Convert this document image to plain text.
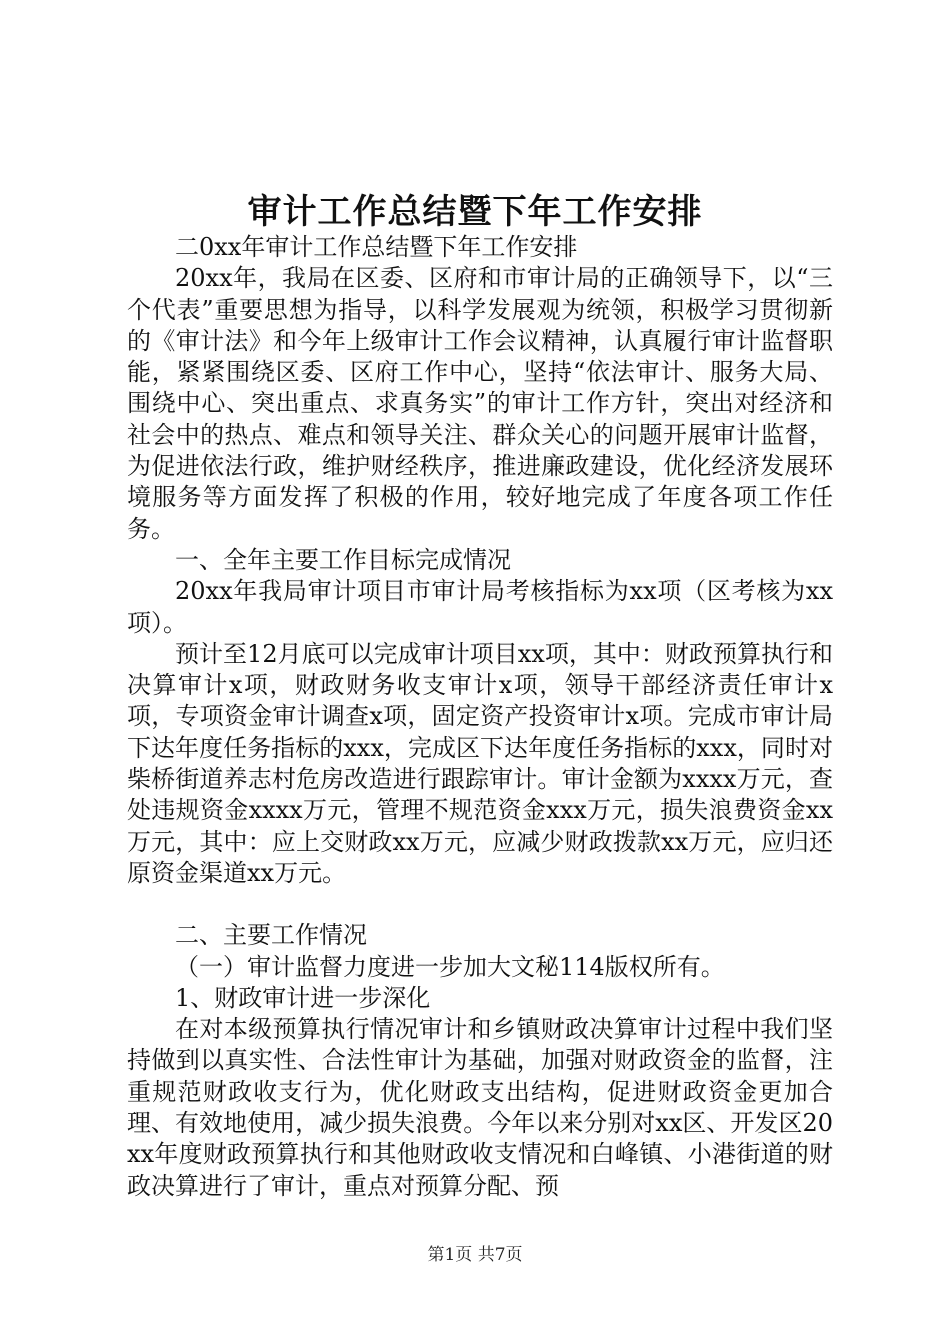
审计工作总结暨下年工作安排

二0xx年审计工作总结暨下年工作安排

20xx年，我局在区委、区府和市审计局的正确领导下，以“三个代表”重要思想为指导，以科学发展观为统领，积极学习贯彻新的《审计法》和今年上级审计工作会议精神，认真履行审计监督职能，紧紧围绕区委、区府工作中心，坚持“依法审计、服务大局、围绕中心、突出重点、求真务实”的审计工作方针，突出对经济和社会中的热点、难点和领导关注、群众关心的问题开展审计监督，为促进依法行政，维护财经秩序，推进廉政建设，优化经济发展环境服务等方面发挥了积极的作用，较好地完成了年度各项工作任务。

一、全年主要工作目标完成情况

20xx年我局审计项目市审计局考核指标为xx项（区考核为xx项）。

预计至12月底可以完成审计项目xx项，其中：财政预算执行和决算审计x项，财政财务收支审计x项，领导干部经济责任审计x项，专项资金审计调查x项，固定资产投资审计x项。完成市审计局下达年度任务指标的xxx，完成区下达年度任务指标的xxx，同时对柴桥街道养志村危房改造进行跟踪审计。审计金额为xxxx万元，查处违规资金xxxx万元，管理不规范资金xxx万元，损失浪费资金xx万元，其中：应上交财政xx万元，应减少财政拨款xx万元，应归还原资金渠道xx万元。

二、主要工作情况

（一）审计监督力度进一步加大文秘114版权所有。

1、财政审计进一步深化

在对本级预算执行情况审计和乡镇财政决算审计过程中我们坚持做到以真实性、合法性审计为基础，加强对财政资金的监督，注重规范财政收支行为，优化财政支出结构，促进财政资金更加合理、有效地使用，减少损失浪费。今年以来分别对xx区、开发区20xx年度财政预算执行和其他财政收支情况和白峰镇、小港街道的财政决算进行了审计，重点对预算分配、预

第1页 共7页
